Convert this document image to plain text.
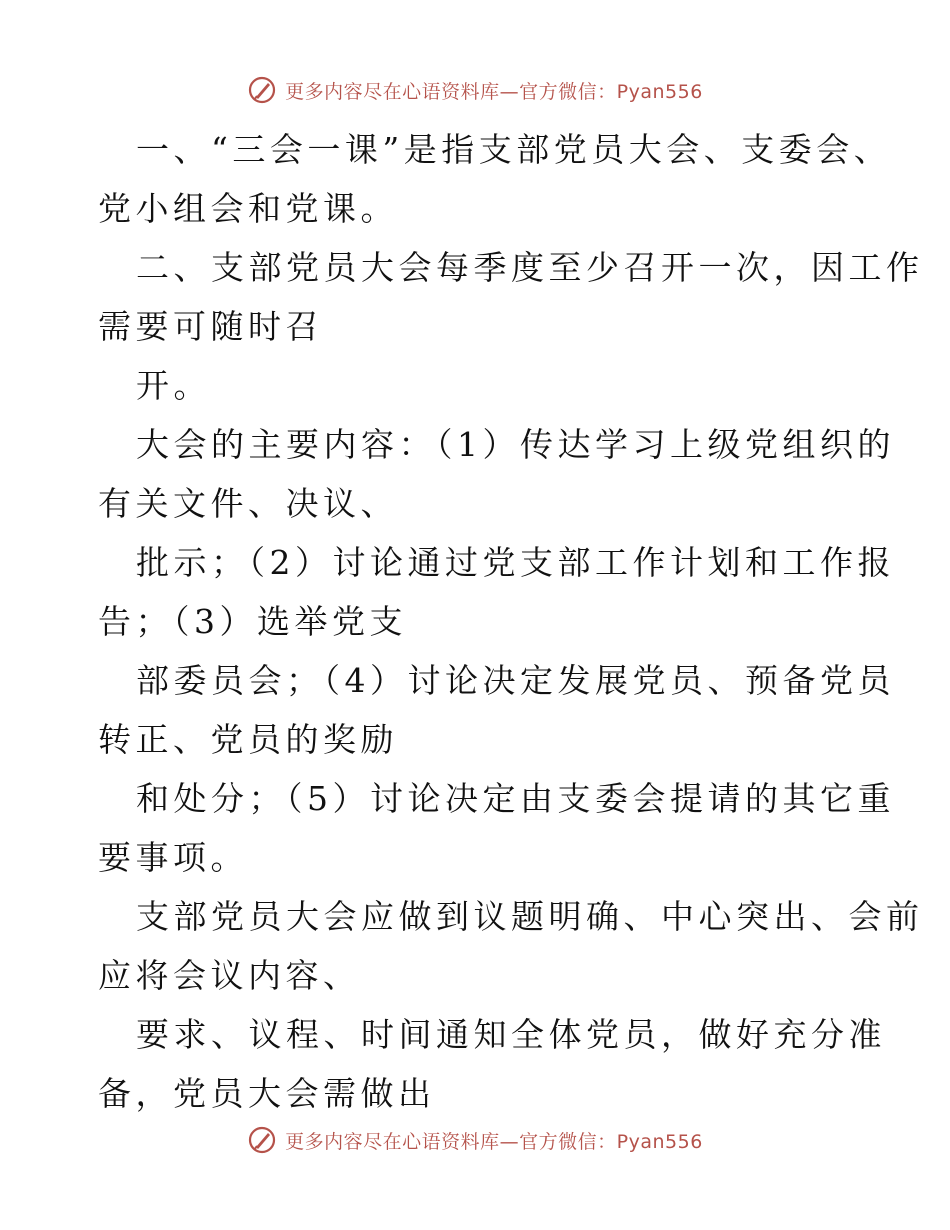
更多内容尽在心语资料库—官方微信：Pyan556
一、“三会一课”是指支部党员大会、支委会、
党小组会和党课。
二、支部党员大会每季度至少召开一次，因工作
需要可随时召
开。
大会的主要内容：（1）传达学习上级党组织的
有关文件、决议、
批示；（2）讨论通过党支部工作计划和工作报
告；（3）选举党支
部委员会；（4）讨论决定发展党员、预备党员
转正、党员的奖励
和处分；（5）讨论决定由支委会提请的其它重
要事项。
支部党员大会应做到议题明确、中心突出、会前
应将会议内容、
要求、议程、时间通知全体党员，做好充分准
备，党员大会需做出
更多内容尽在心语资料库—官方微信：Pyan556
